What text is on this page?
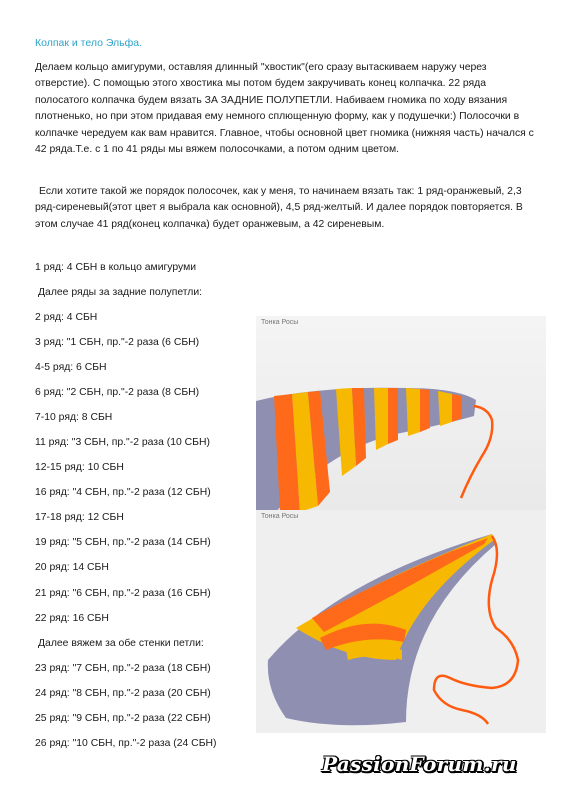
Колпак и тело Эльфа.

Делаем кольцо амигуруми, оставляя длинный "хвостик"(его сразу вытаскиваем наружу через отверстие). С помощью этого хвостика мы потом будем закручивать конец колпачка. 22 ряда полосатого колпачка будем вязать ЗА ЗАДНИЕ ПОЛУПЕТЛИ. Набиваем гномика по ходу вязания плотненько, но при этом придавая ему немного сплющенную форму, как у подушечки:) Полосочки в колпачке чередуем как вам нравится. Главное, чтобы основной цвет гномика (нижняя часть) начался с 42 ряда.Т.е. с 1 по 41 ряды мы вяжем полосочками, а потом одним цветом.

Если хотите такой же порядок полосочек, как у меня, то начинаем вязать так: 1 ряд-оранжевый, 2,3 ряд-сиреневый(этот цвет я выбрала как основной), 4,5 ряд-желтый. И далее порядок повторяется. В этом случае 41 ряд(конец колпачка) будет оранжевым, а 42 сиреневым.

1 ряд: 4 СБН в кольцо амигуруми
Далее ряды за задние полупетли:
2 ряд: 4 СБН
3 ряд: "1 СБН, пр."-2 раза (6 СБН)
4-5 ряд: 6 СБН
6 ряд: "2 СБН, пр."-2 раза (8 СБН)
7-10 ряд: 8 СБН
11 ряд: "3 СБН, пр."-2 раза (10 СБН)
12-15 ряд: 10 СБН
16 ряд: "4 СБН, пр."-2 раза (12 СБН)
17-18 ряд: 12 СБН
19 ряд: "5 СБН, пр."-2 раза (14 СБН)
20 ряд: 14 СБН
21 ряд: "6 СБН, пр."-2 раза (16 СБН)
22 ряд: 16 СБН
Далее вяжем за обе стенки петли:
23 ряд: "7 СБН, пр."-2 раза (18 СБН)
24 ряд: "8 СБН, пр."-2 раза (20 СБН)
25 ряд: "9 СБН, пр."-2 раза (22 СБН)
26 ряд: "10 СБН, пр."-2 раза (24 СБН)
Тонка Росы
Тонка Росы
PassionForum.ru
